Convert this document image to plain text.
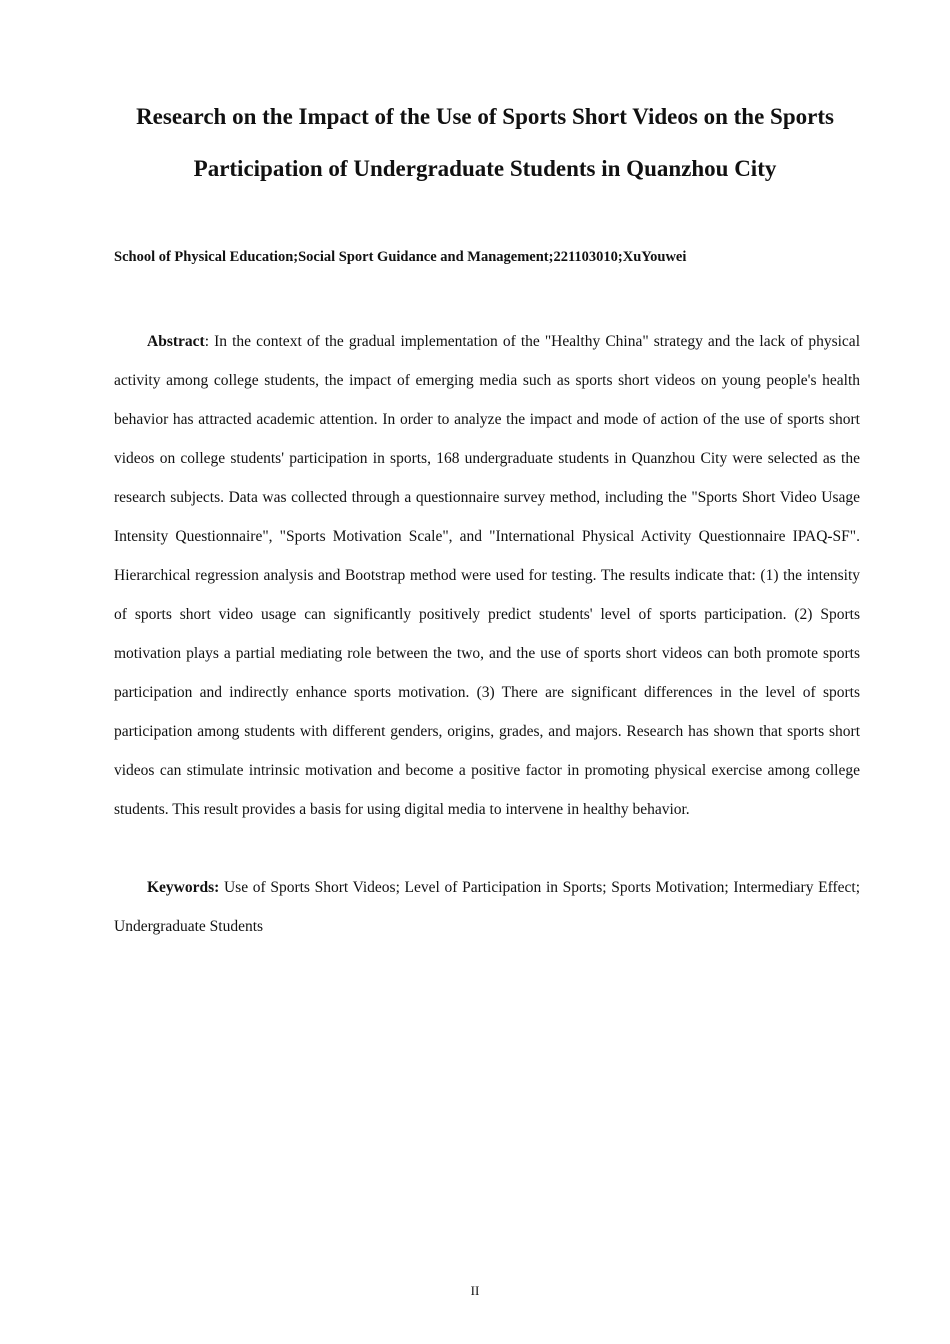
Research on the Impact of the Use of Sports Short Videos on the Sports
Participation of Undergraduate Students in Quanzhou City
School of Physical Education;Social Sport Guidance and Management;221103010;XuYouwei

Abstract: In the context of the gradual implementation of the "Healthy China" strategy and the lack of physical activity among college students, the impact of emerging media such as sports short videos on young people's health behavior has attracted academic attention. In order to analyze the impact and mode of action of the use of sports short videos on college students' participation in sports, 168 undergraduate students in Quanzhou City were selected as the research subjects. Data was collected through a questionnaire survey method, including the "Sports Short Video Usage Intensity Questionnaire", "Sports Motivation Scale", and "International Physical Activity Questionnaire IPAQ-SF". Hierarchical regression analysis and Bootstrap method were used for testing. The results indicate that: (1) the intensity of sports short video usage can significantly positively predict students' level of sports participation. (2) Sports motivation plays a partial mediating role between the two, and the use of sports short videos can both promote sports participation and indirectly enhance sports motivation. (3) There are significant differences in the level of sports participation among students with different genders, origins, grades, and majors. Research has shown that sports short videos can stimulate intrinsic motivation and become a positive factor in promoting physical exercise among college students. This result provides a basis for using digital media to intervene in healthy behavior.

Keywords: Use of Sports Short Videos; Level of Participation in Sports; Sports Motivation; Intermediary Effect; Undergraduate Students

II
